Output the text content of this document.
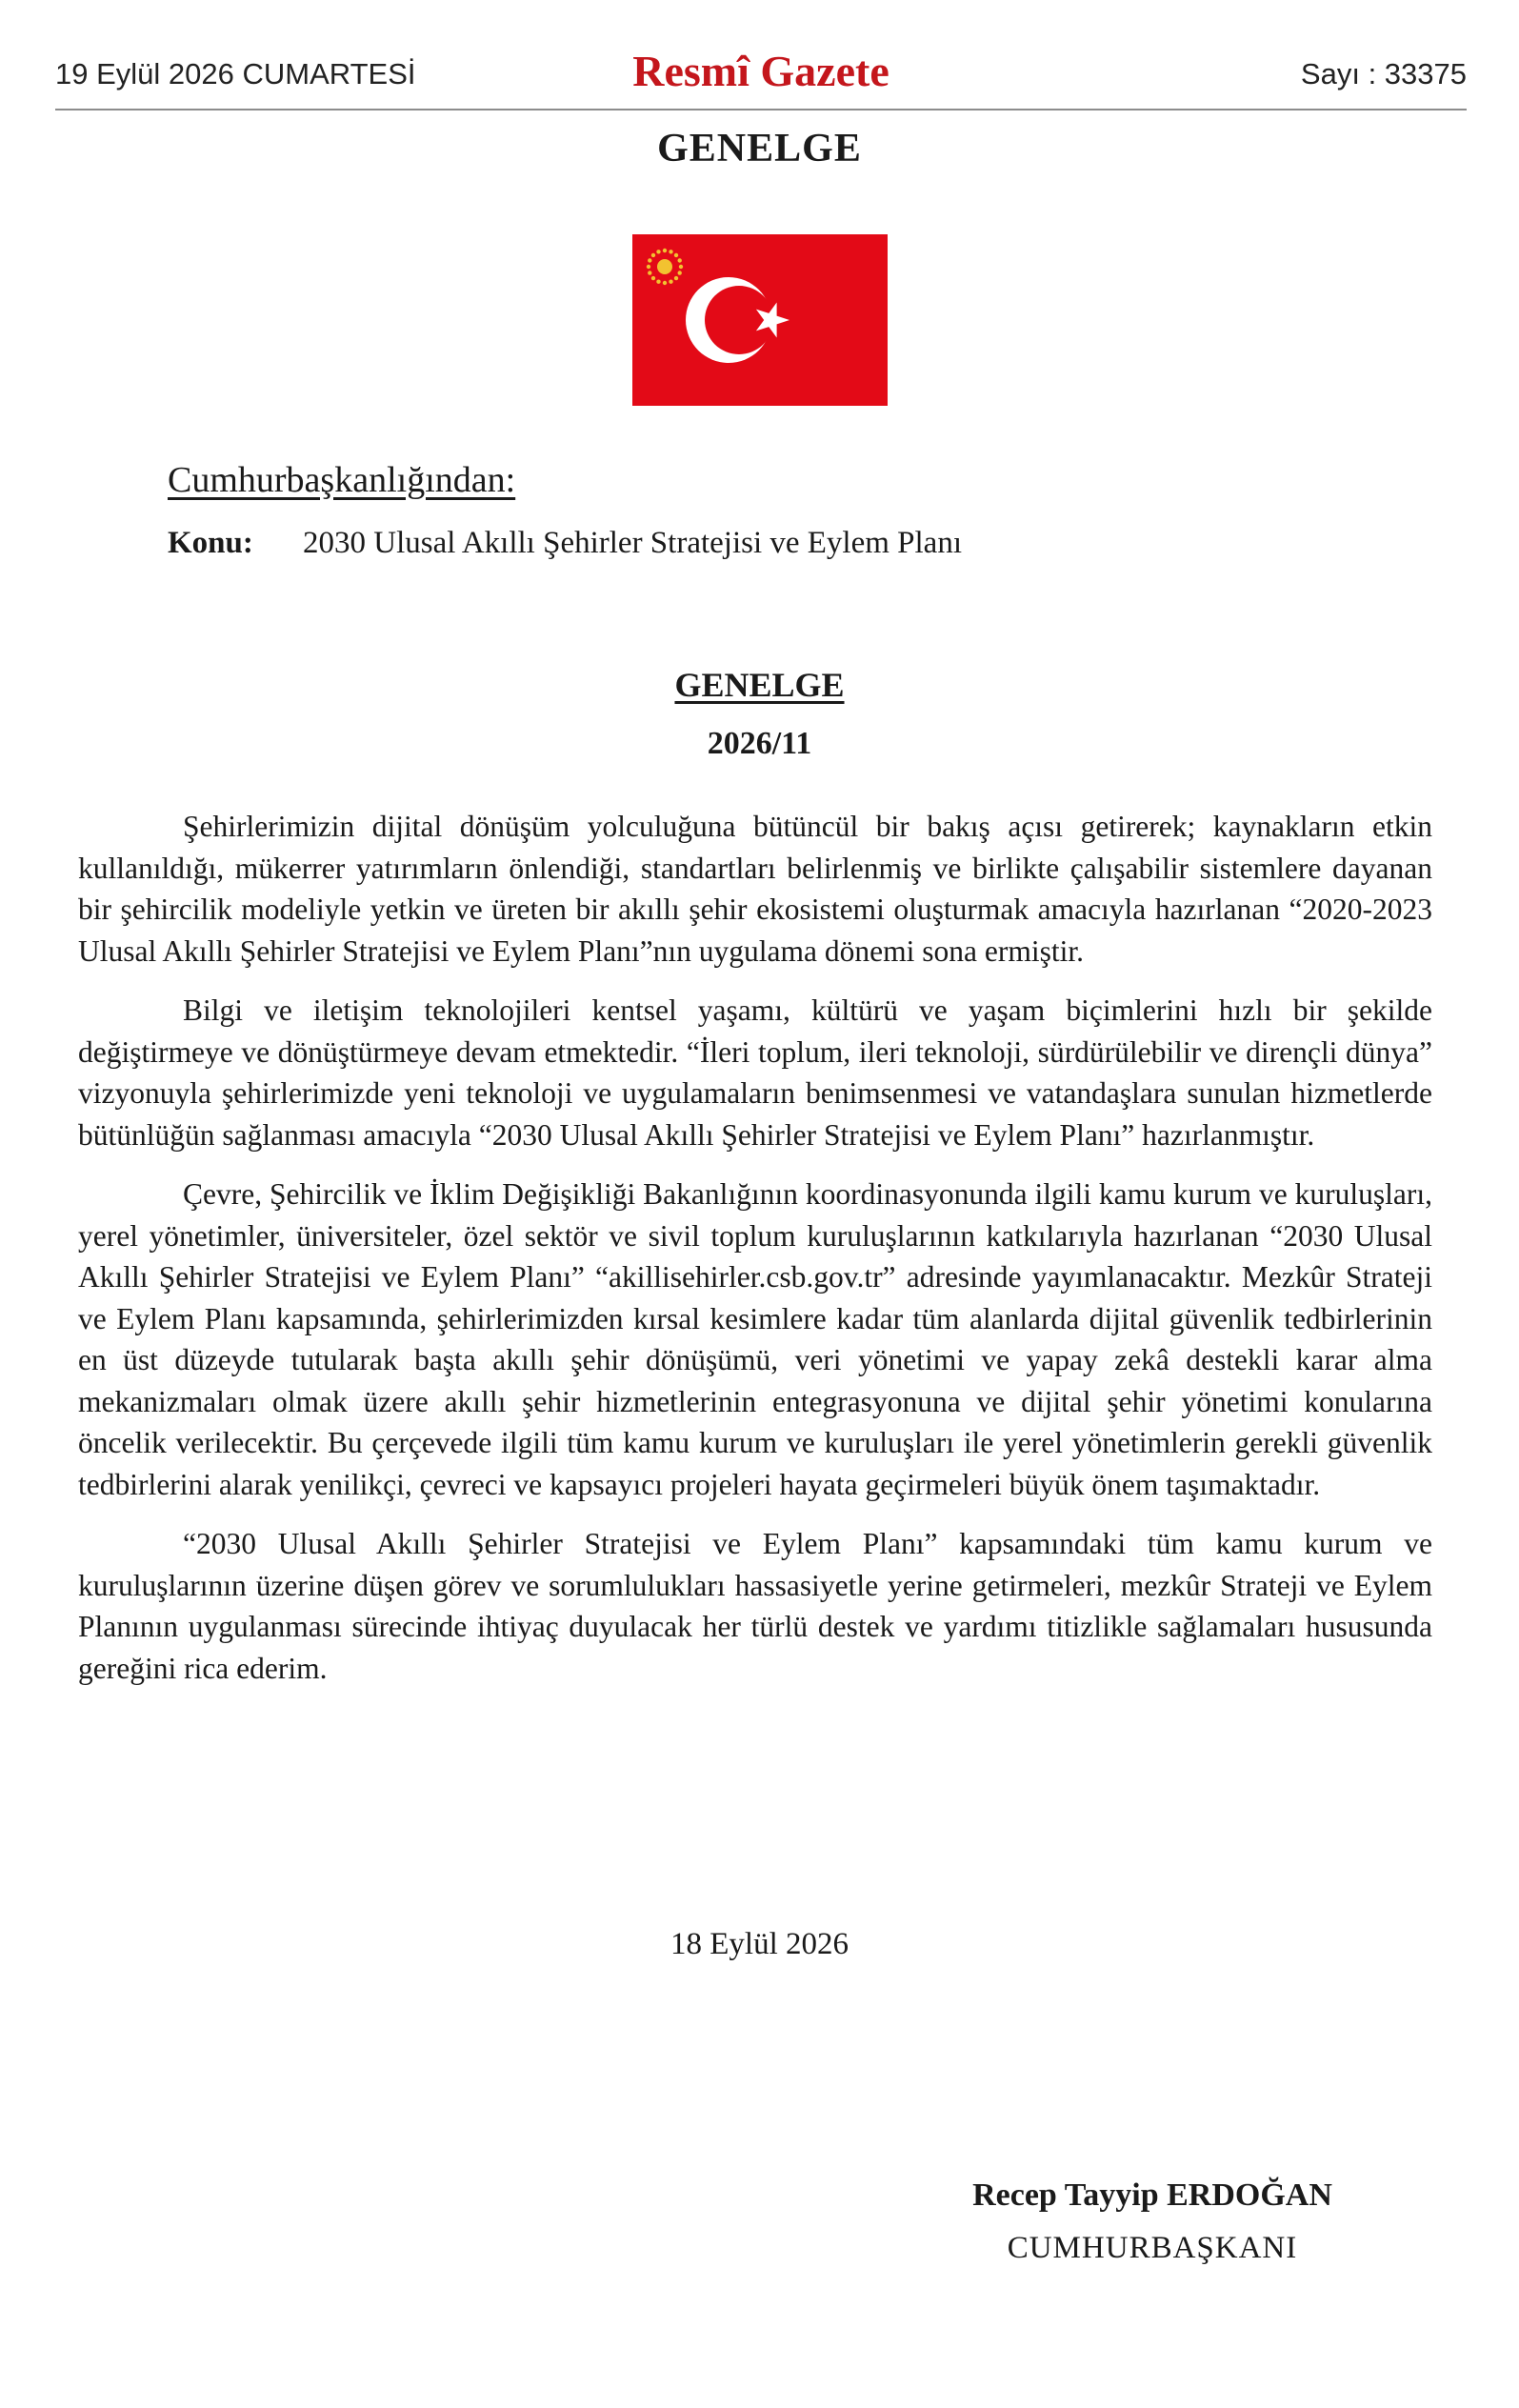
19 Eylül 2026 CUMARTESİ	Resmî Gazete	Sayı : 33375
GENELGE
Cumhurbaşkanlığından:
Konu: 2030 Ulusal Akıllı Şehirler Stratejisi ve Eylem Planı
GENELGE
2026/11

Şehirlerimizin dijital dönüşüm yolculuğuna bütüncül bir bakış açısı getirerek; kaynakların etkin kullanıldığı, mükerrer yatırımların önlendiği, standartları belirlenmiş ve birlikte çalışabilir sistemlere dayanan bir şehircilik modeliyle yetkin ve üreten bir akıllı şehir ekosistemi oluşturmak amacıyla hazırlanan “2020-2023 Ulusal Akıllı Şehirler Stratejisi ve Eylem Planı”nın uygulama dönemi sona ermiştir.

Bilgi ve iletişim teknolojileri kentsel yaşamı, kültürü ve yaşam biçimlerini hızlı bir şekilde değiştirmeye ve dönüştürmeye devam etmektedir. “İleri toplum, ileri teknoloji, sürdürülebilir ve dirençli dünya” vizyonuyla şehirlerimizde yeni teknoloji ve uygulamaların benimsenmesi ve vatandaşlara sunulan hizmetlerde bütünlüğün sağlanması amacıyla “2030 Ulusal Akıllı Şehirler Stratejisi ve Eylem Planı” hazırlanmıştır.

Çevre, Şehircilik ve İklim Değişikliği Bakanlığının koordinasyonunda ilgili kamu kurum ve kuruluşları, yerel yönetimler, üniversiteler, özel sektör ve sivil toplum kuruluşlarının katkılarıyla hazırlanan “2030 Ulusal Akıllı Şehirler Stratejisi ve Eylem Planı” “akillisehirler.csb.gov.tr” adresinde yayımlanacaktır. Mezkûr Strateji ve Eylem Planı kapsamında, şehirlerimizden kırsal kesimlere kadar tüm alanlarda dijital güvenlik tedbirlerinin en üst düzeyde tutularak başta akıllı şehir dönüşümü, veri yönetimi ve yapay zekâ destekli karar alma mekanizmaları olmak üzere akıllı şehir hizmetlerinin entegrasyonuna ve dijital şehir yönetimi konularına öncelik verilecektir. Bu çerçevede ilgili tüm kamu kurum ve kuruluşları ile yerel yönetimlerin gerekli güvenlik tedbirlerini alarak yenilikçi, çevreci ve kapsayıcı projeleri hayata geçirmeleri büyük önem taşımaktadır.

“2030 Ulusal Akıllı Şehirler Stratejisi ve Eylem Planı” kapsamındaki tüm kamu kurum ve kuruluşlarının üzerine düşen görev ve sorumlulukları hassasiyetle yerine getirmeleri, mezkûr Strateji ve Eylem Planının uygulanması sürecinde ihtiyaç duyulacak her türlü destek ve yardımı titizlikle sağlamaları hususunda gereğini rica ederim.

18 Eylül 2026
Recep Tayyip ERDOĞAN
CUMHURBAŞKANI
